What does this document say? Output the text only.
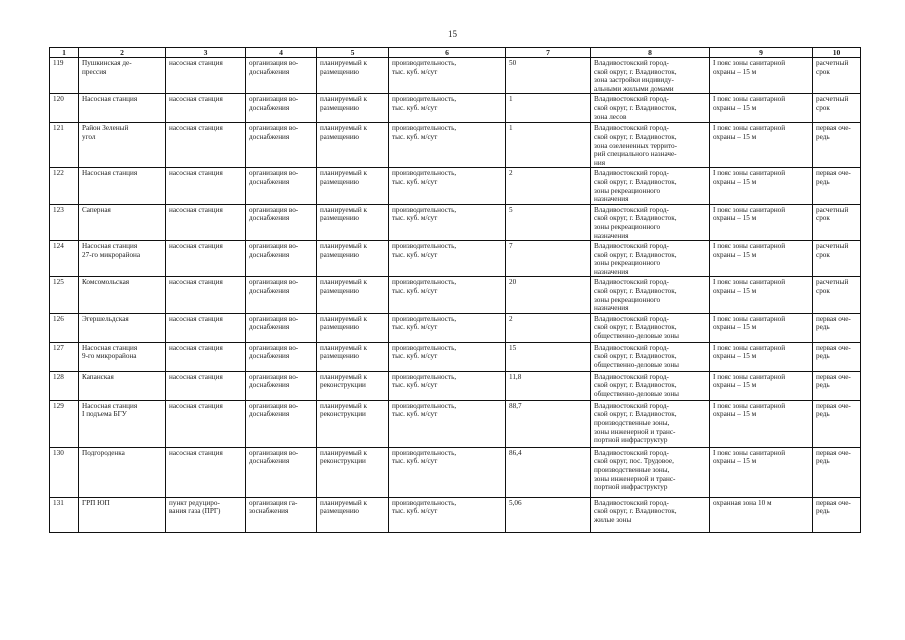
15
1	2	3	4	5	6	7	8	9	10
119	Пушкинская де-
прессия	насосная станция	организация во-
доснабжения	планируемый к
размещению	производительность,
тыс. куб. м/сут	50	Владивостокский город-
ской округ, г. Владивосток,
зона застройки индивиду-
альными жилыми домами	I пояс зоны санитарной
охраны – 15 м	расчетный
срок
120	Насосная станция	насосная станция	организация во-
доснабжения	планируемый к
размещению	производительность,
тыс. куб. м/сут	1	Владивостокский город-
ской округ, г. Владивосток,
зона лесов	I пояс зоны санитарной
охраны – 15 м	расчетный
срок
121	Район Зеленый
угол	насосная станция	организация во-
доснабжения	планируемый к
размещению	производительность,
тыс. куб. м/сут	1	Владивостокский город-
ской округ, г. Владивосток,
зона озелененных террито-
рий специального назначе-
ния	I пояс зоны санитарной
охраны – 15 м	первая оче-
редь
122	Насосная станция	насосная станция	организация во-
доснабжения	планируемый к
размещению	производительность,
тыс. куб. м/сут	2	Владивостокский город-
ской округ, г. Владивосток,
зоны рекреационного
назначения	I пояс зоны санитарной
охраны – 15 м	первая оче-
редь
123	Саперная	насосная станция	организация во-
доснабжения	планируемый к
размещению	производительность,
тыс. куб. м/сут	5	Владивостокский город-
ской округ, г. Владивосток,
зоны рекреационного
назначения	I пояс зоны санитарной
охраны – 15 м	расчетный
срок
124	Насосная станция
27-го микрорайона	насосная станция	организация во-
доснабжения	планируемый к
размещению	производительность,
тыс. куб. м/сут	7	Владивостокский город-
ской округ, г. Владивосток,
зоны рекреационного
назначения	I пояс зоны санитарной
охраны – 15 м	расчетный
срок
125	Комсомольская	насосная станция	организация во-
доснабжения	планируемый к
размещению	производительность,
тыс. куб. м/сут	20	Владивостокский город-
ской округ, г. Владивосток,
зоны рекреационного
назначения	I пояс зоны санитарной
охраны – 15 м	расчетный
срок
126	Эгершельдская	насосная станция	организация во-
доснабжения	планируемый к
размещению	производительность,
тыс. куб. м/сут	2	Владивостокский город-
ской округ, г. Владивосток,
общественно-деловые зоны	I пояс зоны санитарной
охраны – 15 м	первая оче-
редь
127	Насосная станция
9-го микрорайона	насосная станция	организация во-
доснабжения	планируемый к
размещению	производительность,
тыс. куб. м/сут	15	Владивостокский город-
ской округ, г. Владивосток,
общественно-деловые зоны	I пояс зоны санитарной
охраны – 15 м	первая оче-
редь
128	Капанская	насосная станция	организация во-
доснабжения	планируемый к
реконструкции	производительность,
тыс. куб. м/сут	11,8	Владивостокский город-
ской округ, г. Владивосток,
общественно-деловые зоны	I пояс зоны санитарной
охраны – 15 м	первая оче-
редь
129	Насосная станция
I подъема БГУ	насосная станция	организация во-
доснабжения	планируемый к
реконструкции	производительность,
тыс. куб. м/сут	88,7	Владивостокский город-
ской округ, г. Владивосток,
производственные зоны,
зоны инженерной и транс-
портной инфраструктур	I пояс зоны санитарной
охраны – 15 м	первая оче-
редь
130	Подгороденка	насосная станция	организация во-
доснабжения	планируемый к
реконструкции	производительность,
тыс. куб. м/сут	86,4	Владивостокский город-
ской округ, пос. Трудовое,
производственные зоны,
зоны инженерной и транс-
портной инфраструктур	I пояс зоны санитарной
охраны – 15 м	первая оче-
редь
131	ГРП ЮП	пункт редуциро-
вания газа (ПРГ)	организация га-
зоснабжения	планируемый к
размещению	производительность,
тыс. куб. м/сут	5,06	Владивостокский город-
ской округ, г. Владивосток,
жилые зоны	охранная зона 10 м	первая оче-
редь
